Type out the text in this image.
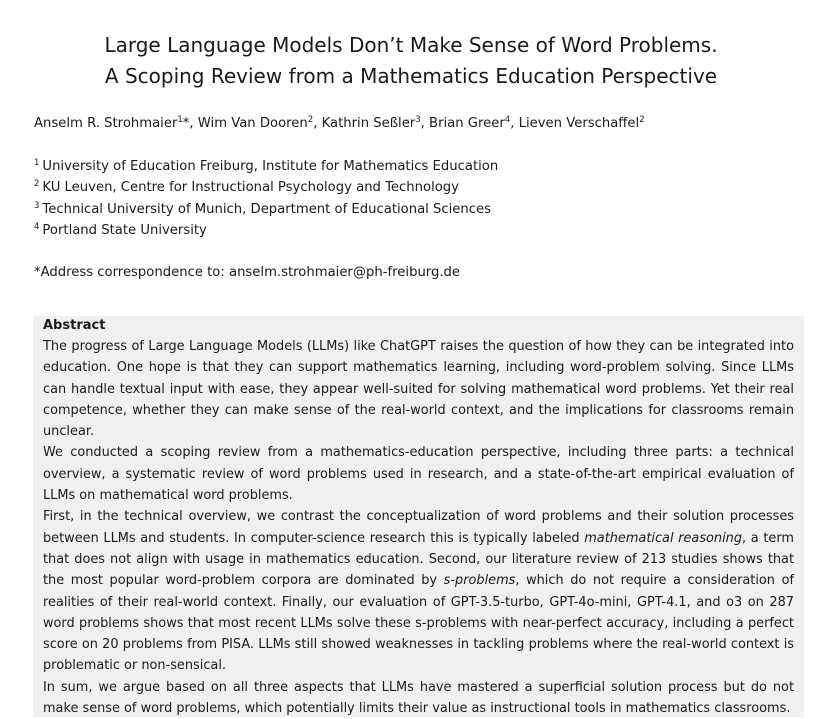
Large Language Models Don’t Make Sense of Word Problems.
A Scoping Review from a Mathematics Education Perspective
Anselm R. Strohmaier$^1$*, Wim Van Dooren$^2$, Kathrin Seßler$^3$, Brian Greer$^4$, Lieven Verschaffel$^2$
$^1$ University of Education Freiburg, Institute for Mathematics Education
$^2$ KU Leuven, Centre for Instructional Psychology and Technology
$^3$ Technical University of Munich, Department of Educational Sciences
$^4$ Portland State University
*Address correspondence to: anselm.strohmaier@ph-freiburg.de
Abstract

The progress of Large Language Models (LLMs) like ChatGPT raises the question of how they can be integrated into education. One hope is that they can support mathematics learning, including word-problem solving. Since LLMs can handle textual input with ease, they appear well-suited for solving mathematical word problems. Yet their real competence, whether they can make sense of the real-world context, and the implications for classrooms remain unclear.

We conducted a scoping review from a mathematics-education perspective, including three parts: a technical overview, a systematic review of word problems used in research, and a state-of-the-art empirical evaluation of LLMs on mathematical word problems.

First, in the technical overview, we contrast the conceptualization of word problems and their solution processes between LLMs and students. In computer-science research this is typically labeled mathematical reasoning, a term that does not align with usage in mathematics education. Second, our literature review of 213 studies shows that the most popular word-problem corpora are dominated by s-problems, which do not require a consideration of realities of their real-world context. Finally, our evaluation of GPT-3.5-turbo, GPT-4o-mini, GPT-4.1, and o3 on 287 word problems shows that most recent LLMs solve these s-problems with near-perfect accuracy, including a perfect score on 20 problems from PISA. LLMs still showed weaknesses in tackling problems where the real-world context is problematic or non-sensical.

In sum, we argue based on all three aspects that LLMs have mastered a superficial solution process but do not make sense of word problems, which potentially limits their value as instructional tools in mathematics classrooms.
